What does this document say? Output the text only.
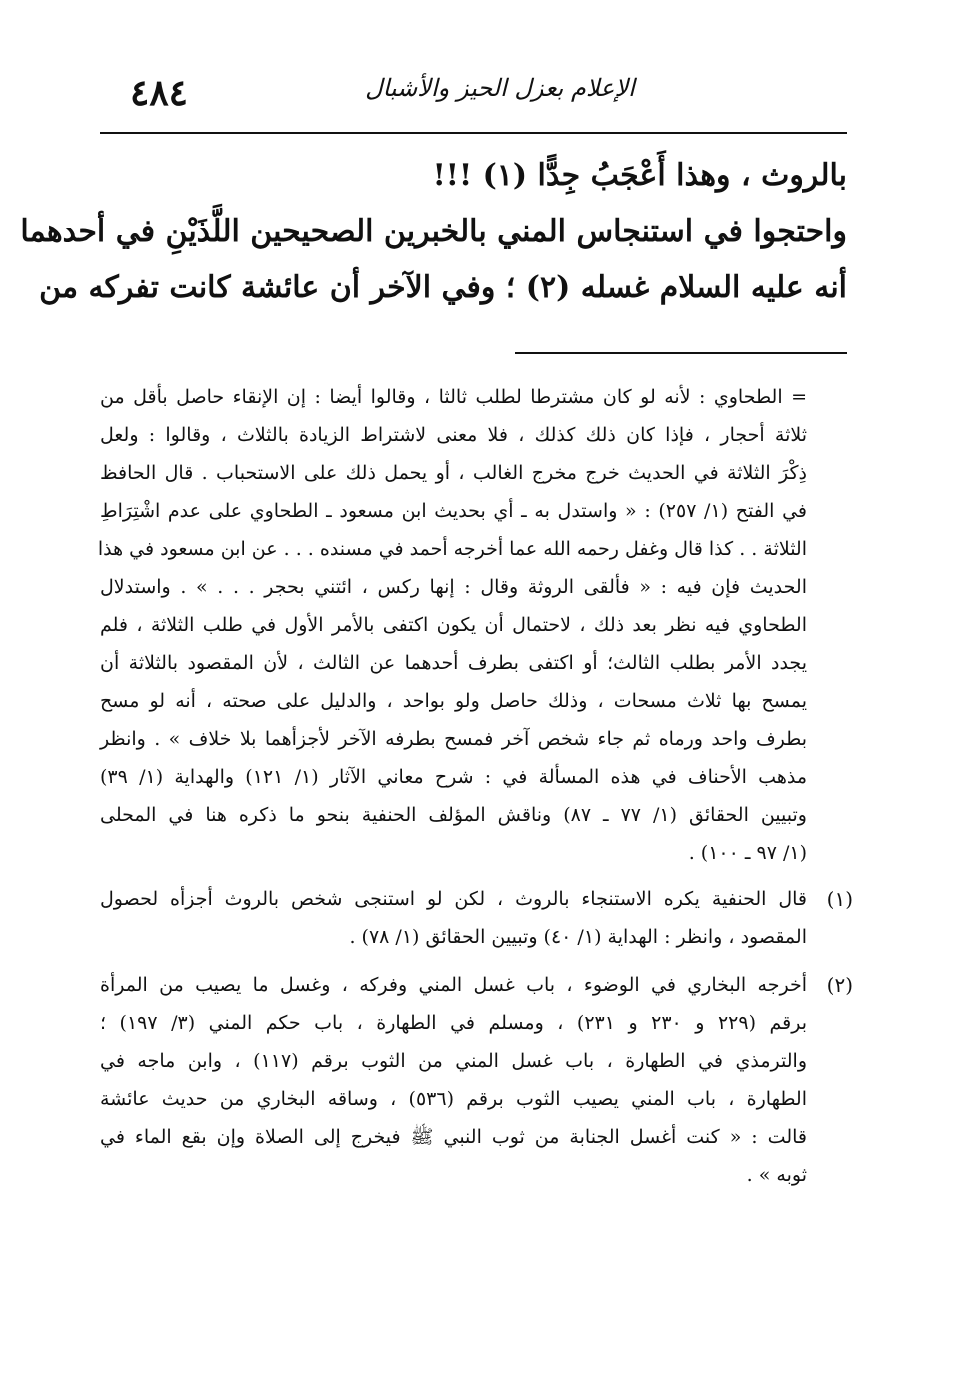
٤٨٤	الإعلام بعزل الحيز والأشبال
بالروث ، وهذا أَعْجَبُ جِدًّا (١) !!!
واحتجوا في استنجاس المني بالخبرين الصحيحين اللَّذَيْنِ في أحدهما
أنه عليه السلام غسله (٢) ؛ وفي الآخر أن عائشة كانت تفركه من
= الطحاوي : لأنه لو كان مشترطا لطلب ثالثا ، وقالوا أيضا : إن الإنقاء حاصل بأقل من
ثلاثة أحجار ، فإذا كان ذلك كذلك ، فلا معنى لاشتراط الزيادة بالثلاث ، وقالوا : ولعل
ذِكْرَ الثلاثة في الحديث خرج مخرج الغالب ، أو يحمل ذلك على الاستحباب . قال الحافظ
في الفتح (١/ ٢٥٧) : « واستدل به ـ أي بحديث ابن مسعود ـ الطحاوي على عدم اشْتِرَاطِ
الثلاثة . . كذا قال وغفل رحمه الله عما أخرجه أحمد في مسنده . . . عن ابن مسعود في هذا
الحديث فإن فيه : « فألقى الروثة وقال : إنها ركس ، ائتني بحجر . . . » . واستدلال
الطحاوي فيه نظر بعد ذلك ، لاحتمال أن يكون اكتفى بالأمر الأول في طلب الثلاثة ، فلم
يجدد الأمر بطلب الثالث؛ أو اكتفى بطرف أحدهما عن الثالث ، لأن المقصود بالثلاثة أن
يمسح بها ثلاث مسحات ، وذلك حاصل ولو بواحد ، والدليل على صحته ، أنه لو مسح
بطرف واحد ورماه ثم جاء شخص آخر فمسح بطرفه الآخر لأجزأهما بلا خلاف » . وانظر
مذهب الأحناف في هذه المسألة في : شرح معاني الآثار (١/ ١٢١) والهداية (١/ ٣٩)
وتبيين الحقائق (١/ ٧٧ ـ ٨٧) وناقش المؤلف الحنفية بنحو ما ذكره هنا في المحلى
(١/ ٩٧ ـ ١٠٠) .
(١)
قال الحنفية يكره الاستنجاء بالروث ، لكن لو استنجى شخص بالروث أجزأه لحصول
المقصود ، وانظر : الهداية (١/ ٤٠) وتبيين الحقائق (١/ ٧٨) .
(٢)
أخرجه البخاري في الوضوء ، باب غسل المني وفركه ، وغسل ما يصيب من المرأة
برقم (٢٢٩ و ٢٣٠ و ٢٣١) ، ومسلم في الطهارة ، باب حكم المني (٣/ ١٩٧) ؛
والترمذي في الطهارة ، باب غسل المني من الثوب برقم (١١٧) ، وابن ماجه في
الطهارة ، باب المني يصيب الثوب برقم (٥٣٦) ، وساقه البخاري من حديث عائشة
قالت : « كنت أغسل الجنابة من ثوب النبي ﷺ فيخرج إلى الصلاة وإن بقع الماء في
ثوبه » .
